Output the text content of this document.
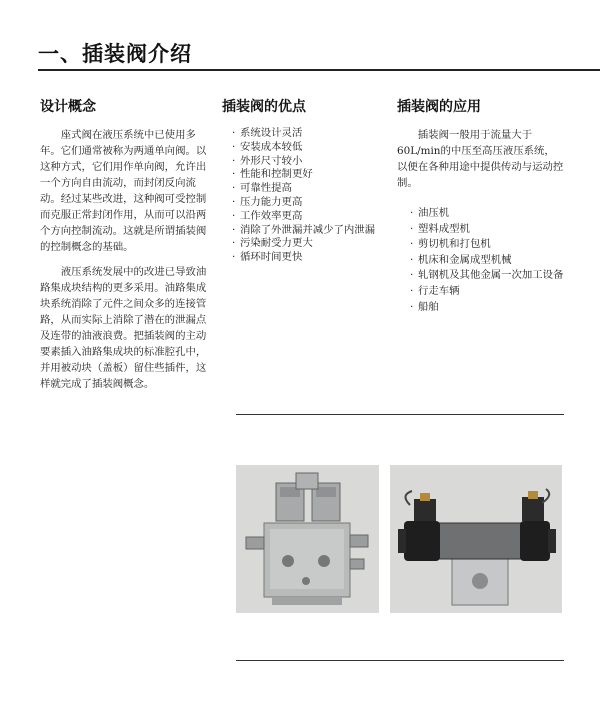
一、插装阀介绍
设计概念	插装阀的优点	插装阀的应用

座式阀在液压系统中已使用多年。它们通常被称为两通单向阀。以这种方式，它们用作单向阀，允许出一个方向自由流动，而封闭反向流动。经过某些改进，这种阀可受控制而克服正常封闭作用，从而可以沿两个方向控制流动。这就是所谓插装阀的控制概念的基础。

液压系统发展中的改进已导致油路集成块结构的更多采用。油路集成块系统消除了元件之间众多的连接管路，从而实际上消除了潜在的泄漏点及连带的油液浪费。把插装阀的主动要素插入油路集成块的标准腔孔中，并用被动块（盖板）留住些插件，这样就完成了插装阀概念。

· 系统设计灵活
· 安装成本较低
· 外形尺寸较小
· 性能和控制更好
· 可靠性提高
· 压力能力更高
· 工作效率更高
· 消除了外泄漏并减少了内泄漏
· 污染耐受力更大
· 循环时间更快

插装阀一般用于流量大于60L/min的中压至高压液压系统，以便在各种用途中提供传动与运动控制。

· 油压机
· 塑料成型机
· 剪切机和打包机
· 机床和金属成型机械
· 轧钢机及其他金属一次加工设备
· 行走车辆
· 船舶
